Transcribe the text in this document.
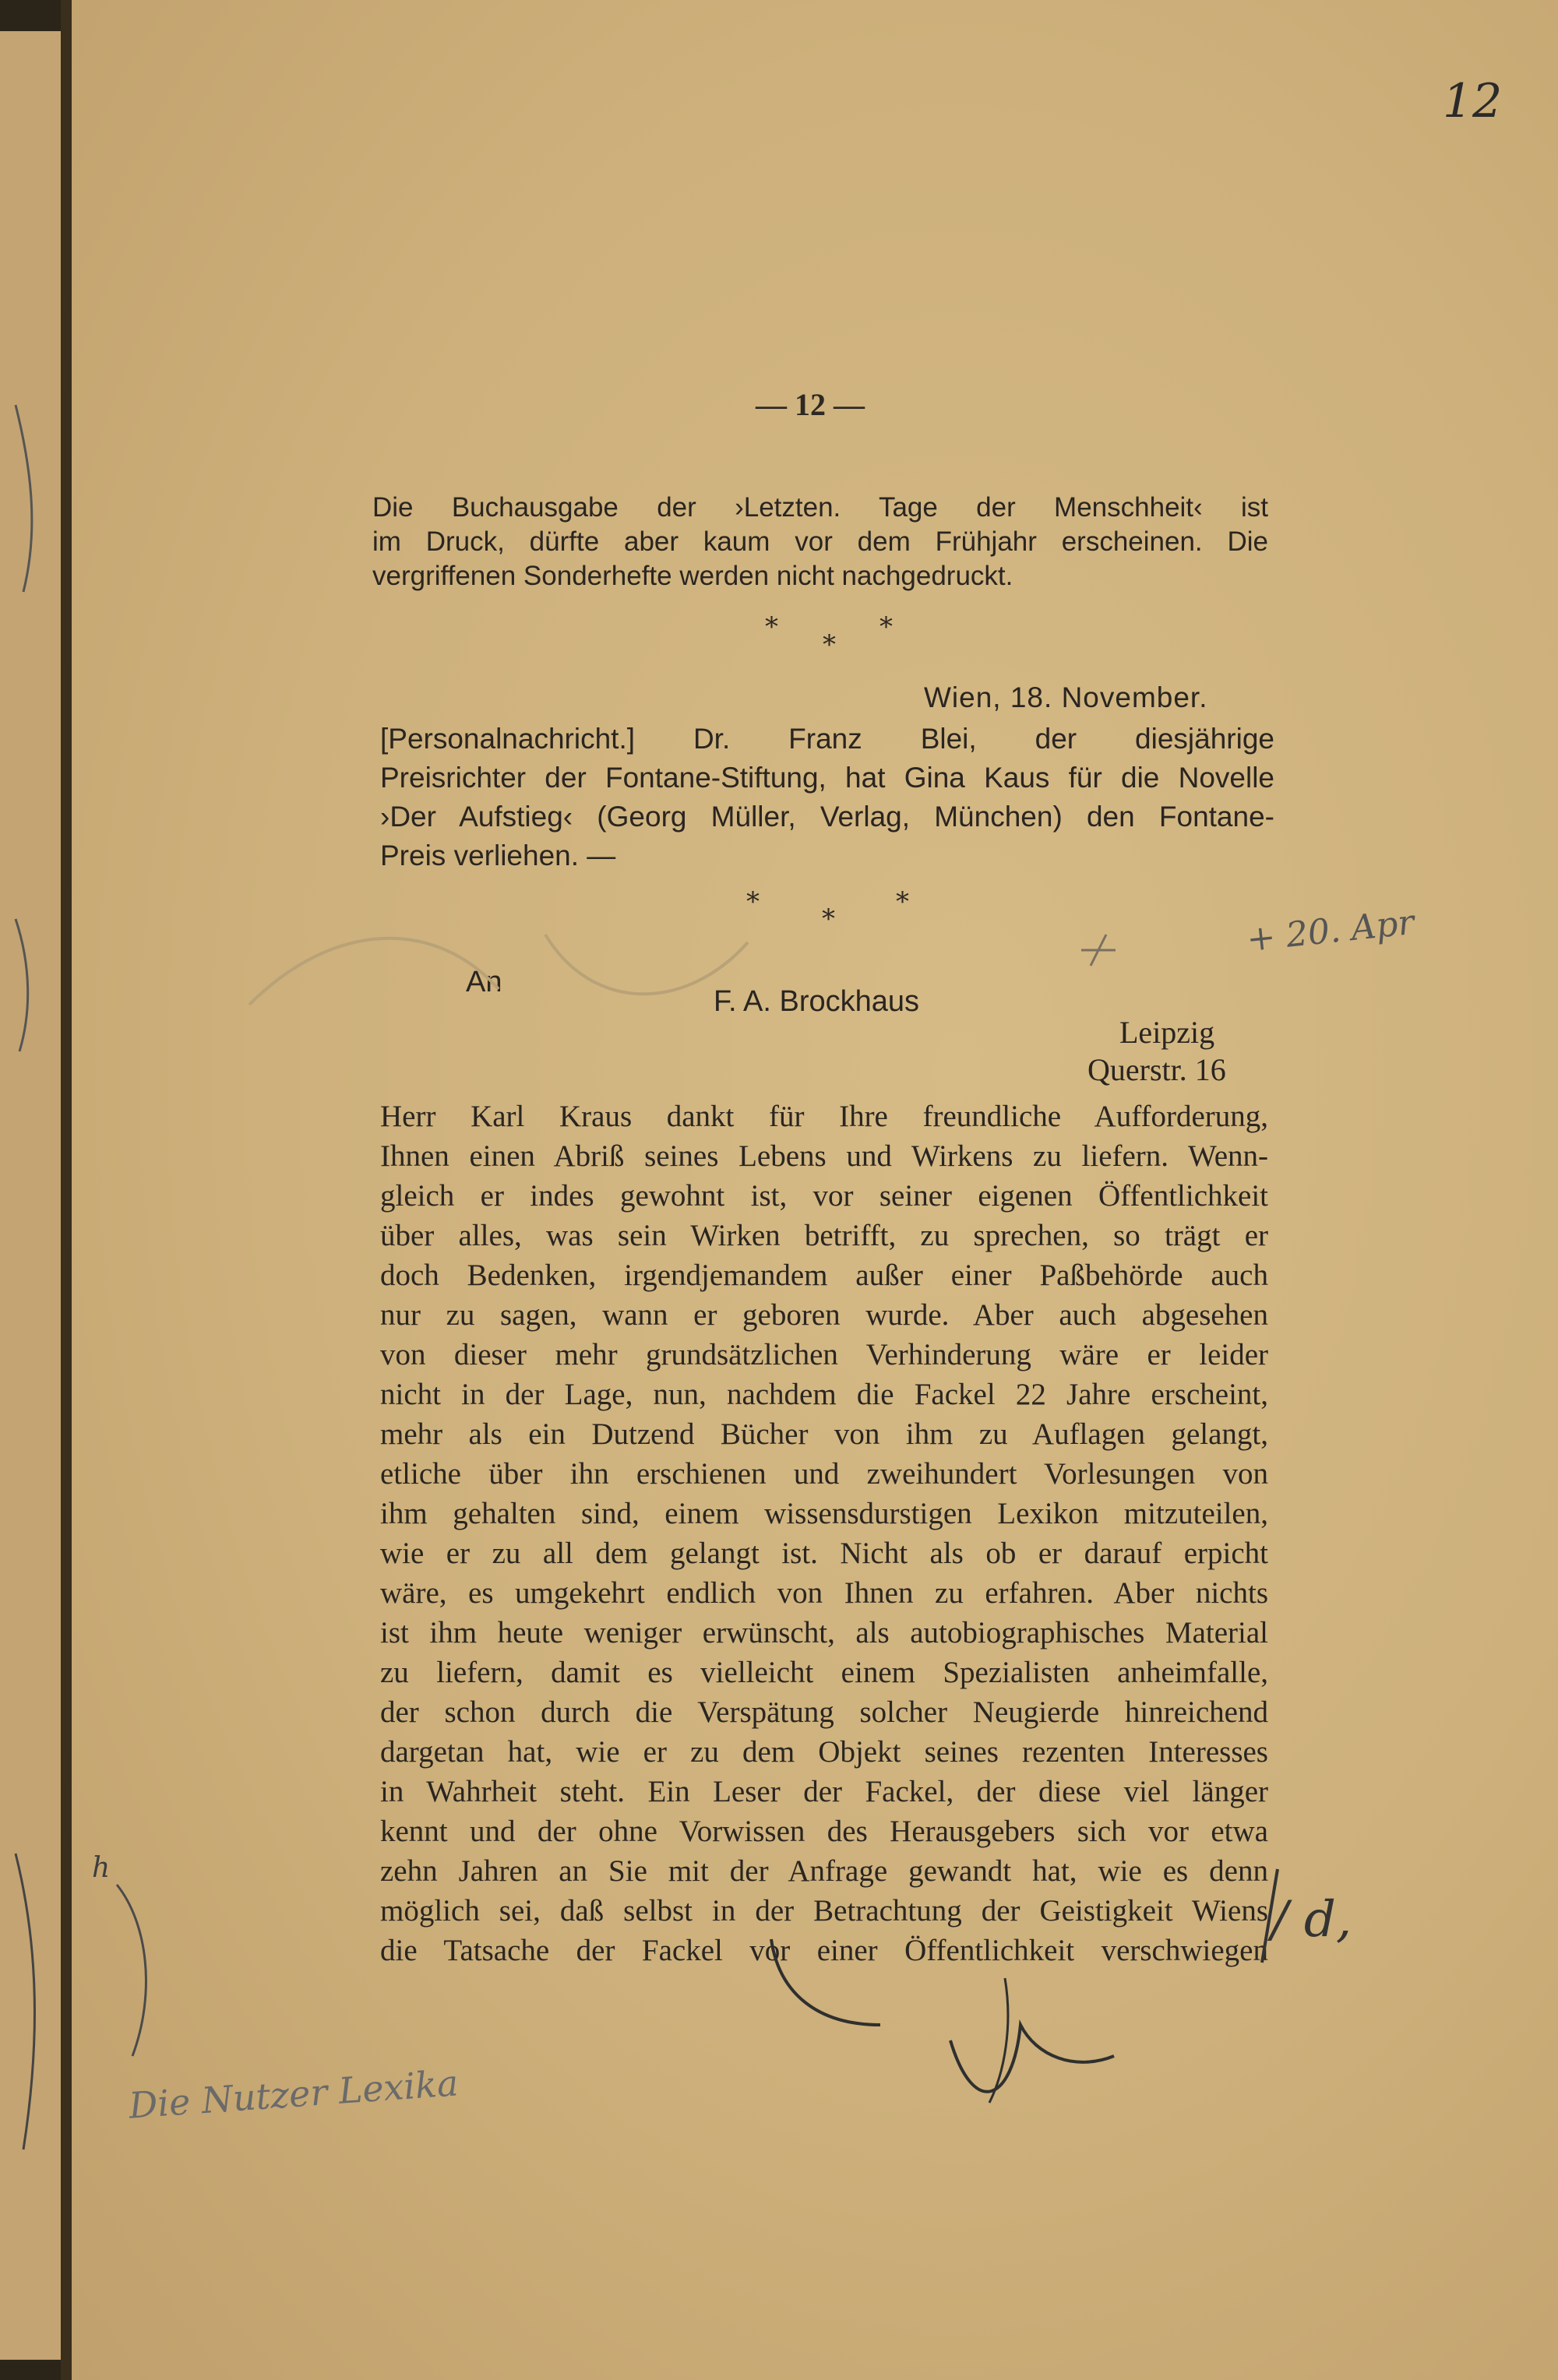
12
— 12 —
Die Buchausgabe der ›Letzten. Tage der Menschheit‹ ist
im Druck, dürfte aber kaum vor dem Frühjahr erscheinen. Die
vergriffenen Sonderhefte werden nicht nachgedruckt.
*	*
*
Wien, 18. November.
[Personalnachricht.] Dr. Franz Blei, der diesjährige
Preisrichter der Fontane-Stiftung, hat Gina Kaus für die Novelle
›Der Aufstieg‹ (Georg Müller, Verlag, München) den Fontane-
Preis verliehen. —
*	*
*
An
F. A. Brockhaus
Leipzig
Querstr. 16
Herr Karl Kraus dankt für Ihre freundliche Aufforderung,
Ihnen einen Abriß seines Lebens und Wirkens zu liefern. Wenn-
gleich er indes gewohnt ist, vor seiner eigenen Öffentlichkeit
über alles, was sein Wirken betrifft, zu sprechen, so trägt er
doch Bedenken, irgendjemandem außer einer Paßbehörde auch
nur zu sagen, wann er geboren wurde. Aber auch abgesehen
von dieser mehr grundsätzlichen Verhinderung wäre er leider
nicht in der Lage, nun, nachdem die Fackel 22 Jahre erscheint,
mehr als ein Dutzend Bücher von ihm zu Auflagen gelangt,
etliche über ihn erschienen und zweihundert Vorlesungen von
ihm gehalten sind, einem wissensdurstigen Lexikon mitzuteilen,
wie er zu all dem gelangt ist. Nicht als ob er darauf erpicht
wäre, es umgekehrt endlich von Ihnen zu erfahren. Aber nichts
ist ihm heute weniger erwünscht, als autobiographisches Material
zu liefern, damit es vielleicht einem Spezialisten anheimfalle,
der schon durch die Verspätung solcher Neugierde hinreichend
dargetan hat, wie er zu dem Objekt seines rezenten Interesses
in Wahrheit steht. Ein Leser der Fackel, der diese viel länger
kennt und der ohne Vorwissen des Herausgebers sich vor etwa
zehn Jahren an Sie mit der Anfrage gewandt hat, wie es denn
möglich sei, daß selbst in der Betrachtung der Geistigkeit Wiens
die Tatsache der Fackel vor einer Öffentlichkeit verschwiegen
+ 20. Apr
h
Die Nutzer Lexika
/ d,
